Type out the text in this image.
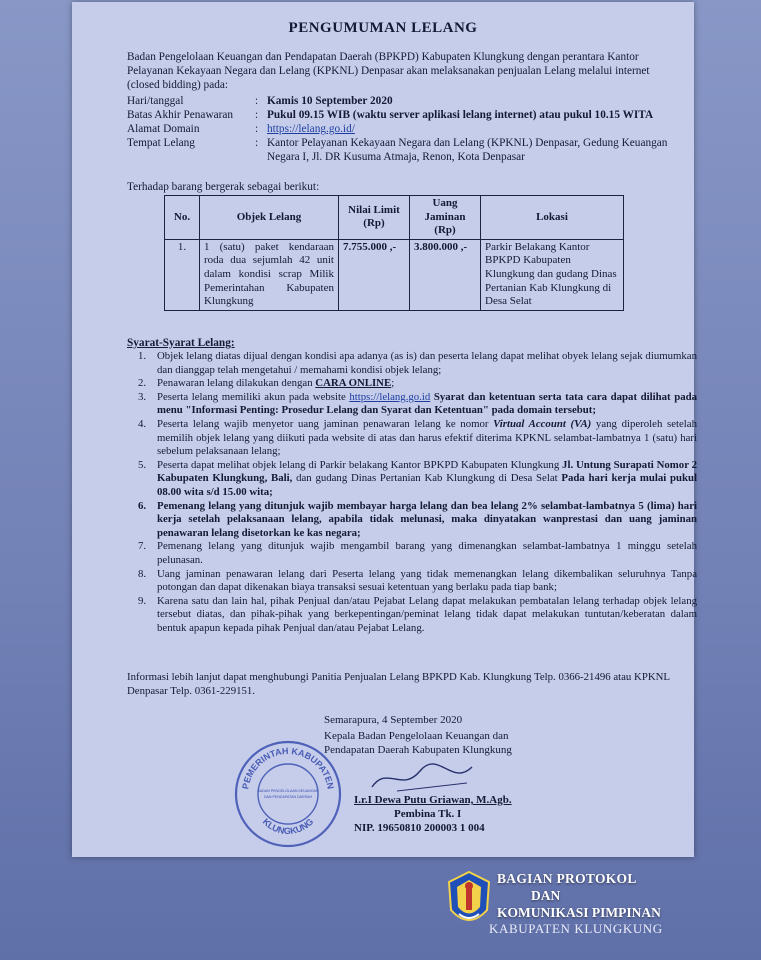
PENGUMUMAN LELANG
Badan Pengelolaan Keuangan dan Pendapatan Daerah (BPKPD) Kabupaten Klungkung dengan perantara Kantor Pelayanan Kekayaan Negara dan Lelang (KPKNL) Denpasar akan melaksanakan penjualan Lelang melalui internet (closed bidding) pada:
Hari/tanggal	: Kamis 10 September 2020
Batas Akhir Penawaran	: Pukul 09.15 WIB (waktu server aplikasi lelang internet) atau pukul 10.15 WITA
Alamat Domain	: https://lelang.go.id/
Tempat Lelang	: Kantor Pelayanan Kekayaan Negara dan Lelang (KPKNL) Denpasar, Gedung Keuangan Negara I, Jl. DR Kusuma Atmaja, Renon, Kota Denpasar
Terhadap barang bergerak sebagai berikut:
No.	Objek Lelang	Nilai Limit (Rp)	Uang Jaminan (Rp)	Lokasi
1.	1 (satu) paket kendaraan roda dua sejumlah 42 unit dalam kondisi scrap Milik Pemerintahan Kabupaten Klungkung	7.755.000 ,-	3.800.000 ,-	Parkir Belakang Kantor BPKPD Kabupaten Klungkung dan gudang Dinas Pertanian Kab Klungkung di Desa Selat
Syarat-Syarat Lelang:
1.	Objek lelang diatas dijual dengan kondisi apa adanya (as is) dan peserta lelang dapat melihat obyek lelang sejak diumumkan dan dianggap telah mengetahui / memahami kondisi objek lelang;
2.	Penawaran lelang dilakukan dengan CARA ONLINE;
3.	Peserta lelang memiliki akun pada website https://lelang.go.id Syarat dan ketentuan serta tata cara dapat dilihat pada menu "Informasi Penting: Prosedur Lelang dan Syarat dan Ketentuan" pada domain tersebut;
4.	Peserta lelang wajib menyetor uang jaminan penawaran lelang ke nomor Virtual Account (VA) yang diperoleh setelah memilih objek lelang yang diikuti pada website di atas dan harus efektif diterima KPKNL selambat-lambatnya 1 (satu) hari sebelum pelaksanaan lelang;
5.	Peserta dapat melihat objek lelang di Parkir belakang Kantor BPKPD Kabupaten Klungkung Jl. Untung Surapati Nomor 2 Kabupaten Klungkung, Bali, dan gudang Dinas Pertanian Kab Klungkung di Desa Selat Pada hari kerja mulai pukul 08.00 wita s/d 15.00 wita;
6.	Pemenang lelang yang ditunjuk wajib membayar harga lelang dan bea lelang 2% selambat-lambatnya 5 (lima) hari kerja setelah pelaksanaan lelang, apabila tidak melunasi, maka dinyatakan wanprestasi dan uang jaminan penawaran lelang disetorkan ke kas negara;
7.	Pemenang lelang yang ditunjuk wajib mengambil barang yang dimenangkan selambat-lambatnya 1 minggu setelah pelunasan.
8.	Uang jaminan penawaran lelang dari Peserta lelang yang tidak memenangkan lelang dikembalikan seluruhnya Tanpa potongan dan dapat dikenakan biaya transaksi sesuai ketentuan yang berlaku pada tiap bank;
9.	Karena satu dan lain hal, pihak Penjual dan/atau Pejabat Lelang dapat melakukan pembatalan lelang terhadap objek lelang tersebut diatas, dan pihak-pihak yang berkepentingan/peminat lelang tidak dapat melakukan tuntutan/keberatan dalam bentuk apapun kepada pihak Penjual dan/atau Pejabat Lelang.
Informasi lebih lanjut dapat menghubungi Panitia Penjualan Lelang BPKPD Kab. Klungkung Telp. 0366-21496 atau KPKNL Denpasar Telp. 0361-229151.
Semarapura, 4 September 2020
Kepala Badan Pengelolaan Keuangan dan
Pendapatan Daerah Kabupaten Klungkung
I.r.I Dewa Putu Griawan, M.Agb.
Pembina Tk. I
NIP. 19650810 200003 1 004
PEMERINTAH KABUPATEN
KLUNGKUNG
BADAN PENGELOLAAN KEUANGAN
DAN PENDAPATAN DAERAH
BAGIAN PROTOKOL
DAN
KOMUNIKASI PIMPINAN
KABUPATEN KLUNGKUNG
